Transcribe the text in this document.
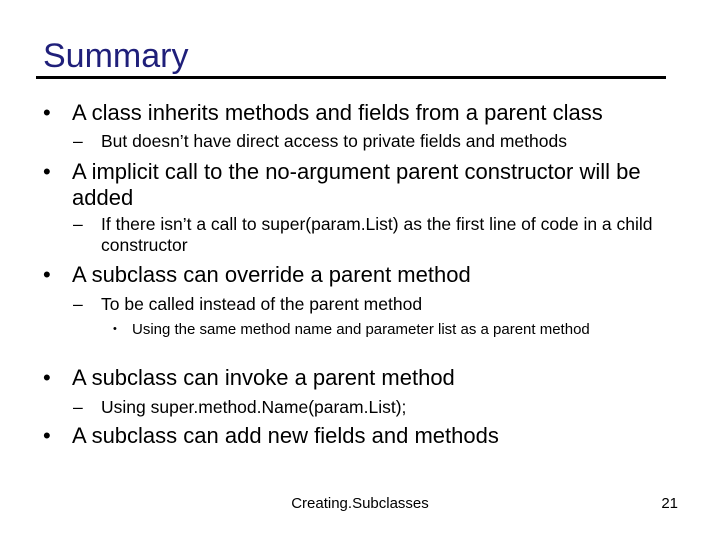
Summary
• A class inherits methods and fields from a parent class
–	But doesn’t have direct access to private fields and methods
• A implicit call to the no-argument parent constructor will be added
–	If there isn’t a call to super(param.List) as the first line of code in a child constructor
• A subclass can override a parent method
–	To be called instead of the parent method
•	Using the same method name and parameter list as a parent method
• A subclass can invoke a parent method
–	Using super.method.Name(param.List);
• A subclass can add new fields and methods
Creating.Subclasses	21
